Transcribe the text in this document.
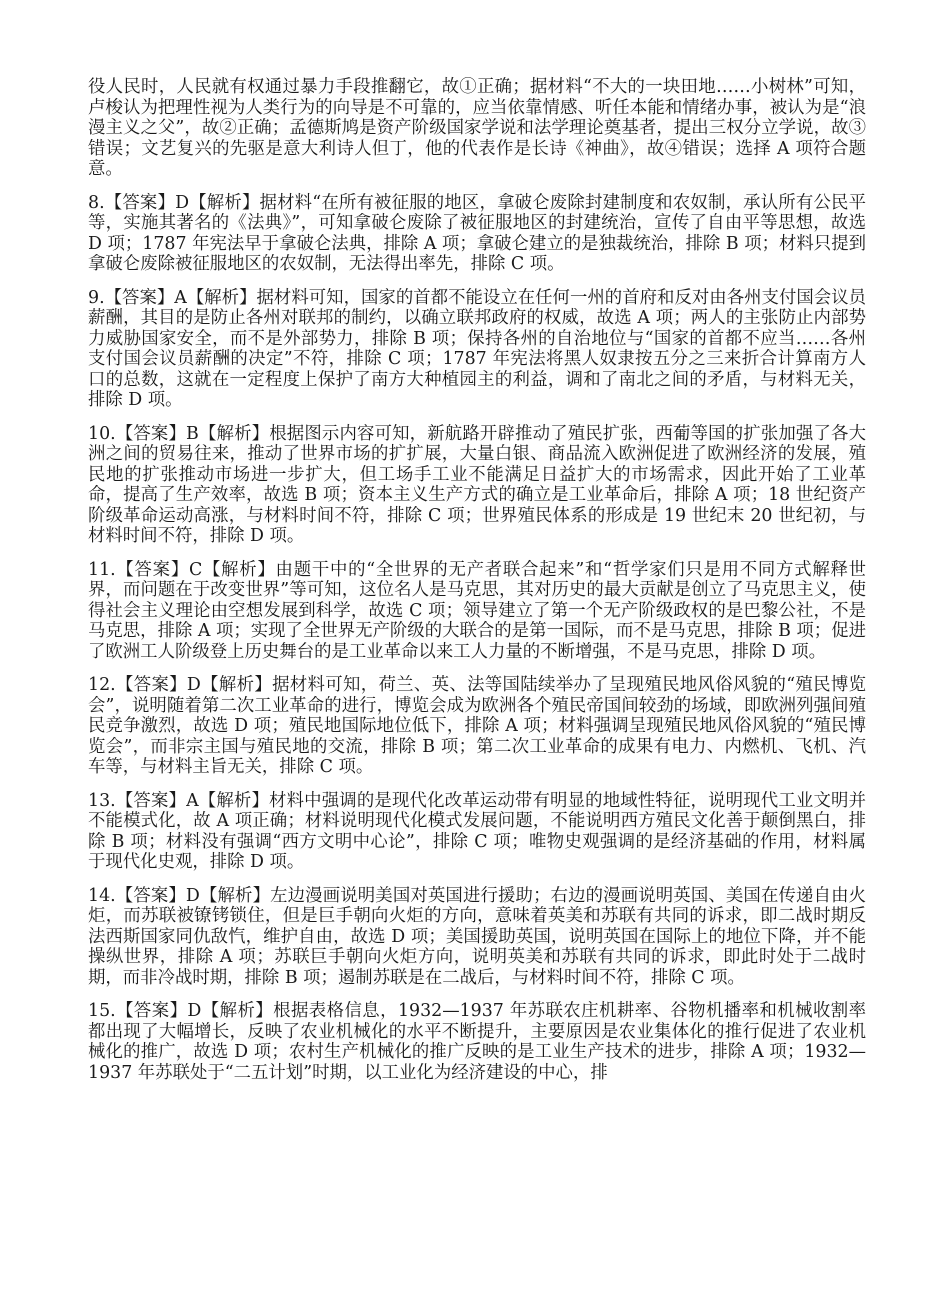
役人民时，人民就有权通过暴力手段推翻它，故①正确；据材料“不大的一块田地……小树林”可知，卢梭认为把理性视为人类行为的向导是不可靠的，应当依靠情感、听任本能和情绪办事，被认为是“浪漫主义之父”，故②正确；孟德斯鸠是资产阶级国家学说和法学理论奠基者，提出三权分立学说，故③错误；文艺复兴的先驱是意大利诗人但丁，他的代表作是长诗《神曲》，故④错误；选择 A 项符合题意。

8.【答案】D【解析】据材料“在所有被征服的地区，拿破仑废除封建制度和农奴制，承认所有公民平等，实施其著名的《法典》”，可知拿破仑废除了被征服地区的封建统治，宣传了自由平等思想，故选 D 项；1787 年宪法早于拿破仑法典，排除 A 项；拿破仑建立的是独裁统治，排除 B 项；材料只提到拿破仑废除被征服地区的农奴制，无法得出率先，排除 C 项。

9.【答案】A【解析】据材料可知，国家的首都不能设立在任何一州的首府和反对由各州支付国会议员薪酬，其目的是防止各州对联邦的制约，以确立联邦政府的权威，故选 A 项；两人的主张防止内部势力威胁国家安全，而不是外部势力，排除 B 项；保持各州的自治地位与“国家的首都不应当……各州支付国会议员薪酬的决定”不符，排除 C 项；1787 年宪法将黑人奴隶按五分之三来折合计算南方人口的总数，这就在一定程度上保护了南方大种植园主的利益，调和了南北之间的矛盾，与材料无关，排除 D 项。

10.【答案】B【解析】根据图示内容可知，新航路开辟推动了殖民扩张，西葡等国的扩张加强了各大洲之间的贸易往来，推动了世界市场的扩扩展，大量白银、商品流入欧洲促进了欧洲经济的发展，殖民地的扩张推动市场进一步扩大，但工场手工业不能满足日益扩大的市场需求，因此开始了工业革命，提高了生产效率，故选 B 项；资本主义生产方式的确立是工业革命后，排除 A 项；18 世纪资产阶级革命运动高涨，与材料时间不符，排除 C 项；世界殖民体系的形成是 19 世纪末 20 世纪初，与材料时间不符，排除 D 项。

11.【答案】C【解析】由题干中的“全世界的无产者联合起来”和“哲学家们只是用不同方式解释世界，而问题在于改变世界”等可知，这位名人是马克思，其对历史的最大贡献是创立了马克思主义，使得社会主义理论由空想发展到科学，故选 C 项；领导建立了第一个无产阶级政权的是巴黎公社，不是马克思，排除 A 项；实现了全世界无产阶级的大联合的是第一国际，而不是马克思，排除 B 项；促进了欧洲工人阶级登上历史舞台的是工业革命以来工人力量的不断增强，不是马克思，排除 D 项。

12.【答案】D【解析】据材料可知，荷兰、英、法等国陆续举办了呈现殖民地风俗风貌的“殖民博览会”，说明随着第二次工业革命的进行，博览会成为欧洲各个殖民帝国间较劲的场域，即欧洲列强间殖民竞争激烈，故选 D 项；殖民地国际地位低下，排除 A 项；材料强调呈现殖民地风俗风貌的“殖民博览会”，而非宗主国与殖民地的交流，排除 B 项；第二次工业革命的成果有电力、内燃机、飞机、汽车等，与材料主旨无关，排除 C 项。

13.【答案】A【解析】材料中强调的是现代化改革运动带有明显的地域性特征，说明现代工业文明并不能模式化，故 A 项正确；材料说明现代化模式发展问题，不能说明西方殖民文化善于颠倒黑白，排除 B 项；材料没有强调“西方文明中心论”，排除 C 项；唯物史观强调的是经济基础的作用，材料属于现代化史观，排除 D 项。

14.【答案】D【解析】左边漫画说明美国对英国进行援助；右边的漫画说明英国、美国在传递自由火炬，而苏联被镣铐锁住，但是巨手朝向火炬的方向，意味着英美和苏联有共同的诉求，即二战时期反法西斯国家同仇敌忾，维护自由，故选 D 项；美国援助英国，说明英国在国际上的地位下降，并不能操纵世界，排除 A 项；苏联巨手朝向火炬方向，说明英美和苏联有共同的诉求，即此时处于二战时期，而非冷战时期，排除 B 项；遏制苏联是在二战后，与材料时间不符，排除 C 项。

15.【答案】D【解析】根据表格信息，1932—1937 年苏联农庄机耕率、谷物机播率和机械收割率都出现了大幅增长，反映了农业机械化的水平不断提升，主要原因是农业集体化的推行促进了农业机械化的推广，故选 D 项；农村生产机械化的推广反映的是工业生产技术的进步，排除 A 项；1932—1937 年苏联处于“二五计划”时期，以工业化为经济建设的中心，排
